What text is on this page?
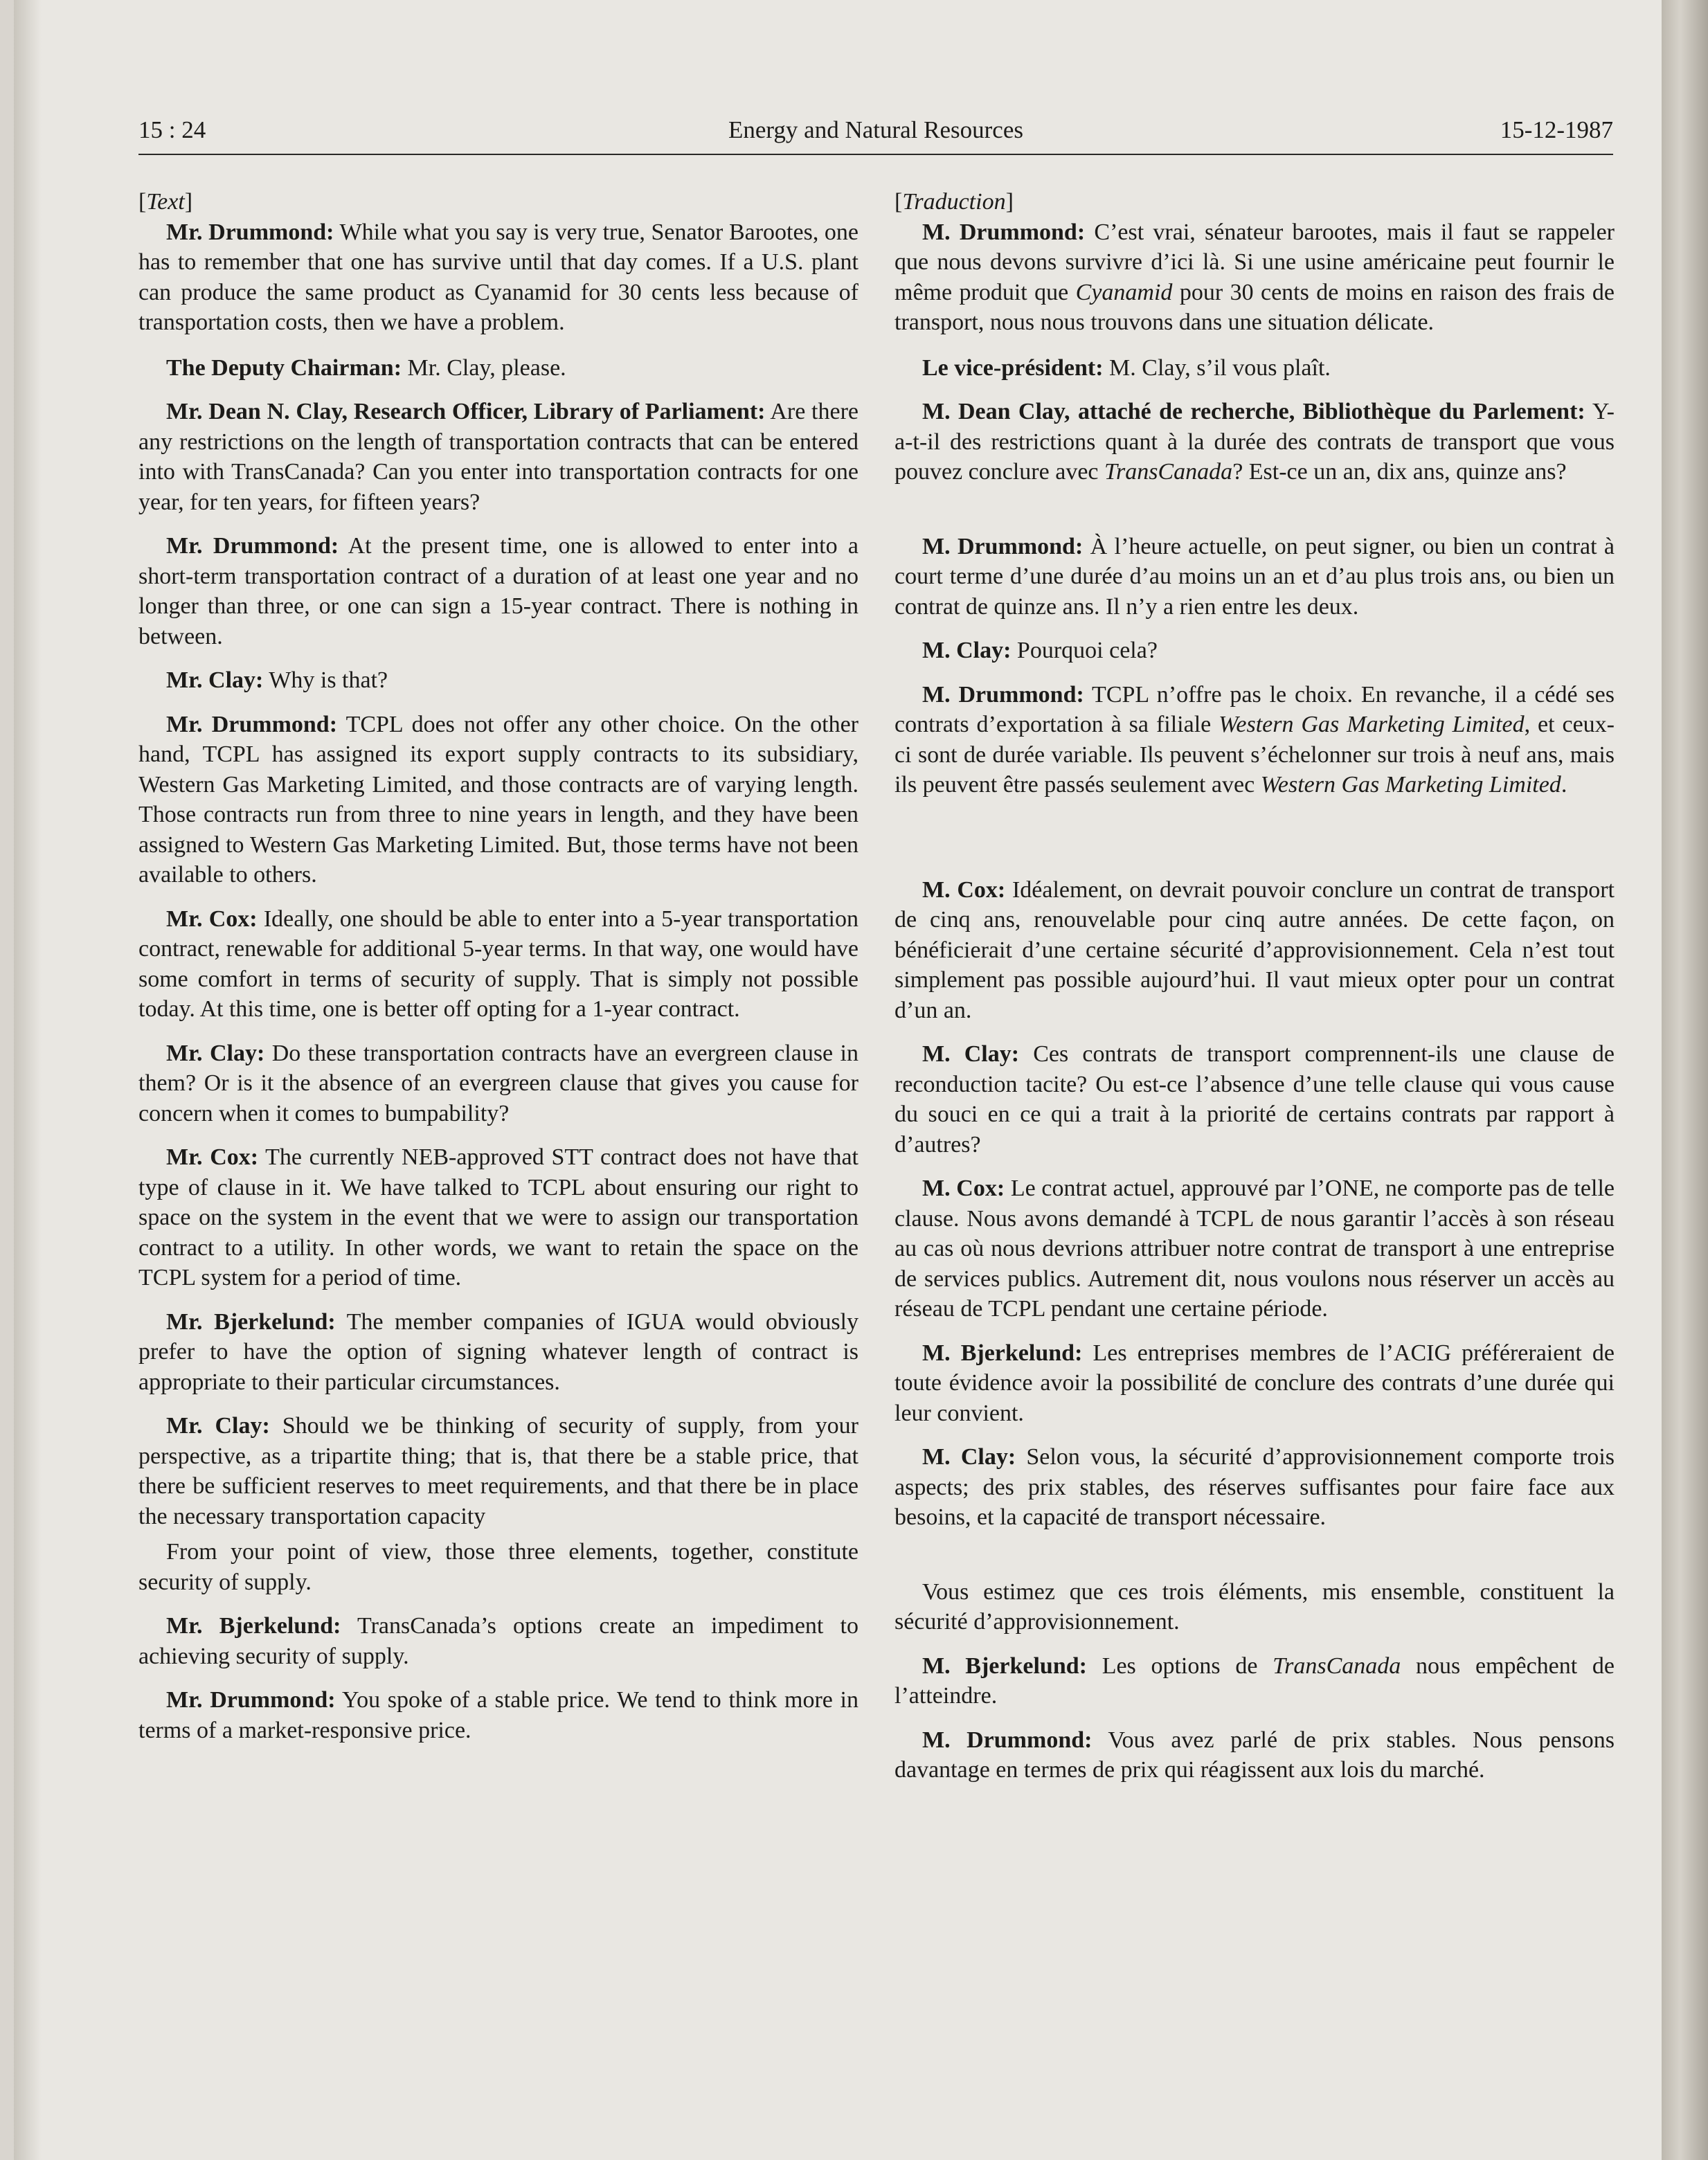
15 : 24	Energy and Natural Resources	15-12-1987

[Text]

Mr. Drummond: While what you say is very true, Senator Barootes, one has to remember that one has survive until that day comes. If a U.S. plant can produce the same product as Cyanamid for 30 cents less because of transportation costs, then we have a problem.

The Deputy Chairman: Mr. Clay, please.

Mr. Dean N. Clay, Research Officer, Library of Parliament: Are there any restrictions on the length of transportation contracts that can be entered into with TransCanada? Can you enter into transportation contracts for one year, for ten years, for fifteen years?

Mr. Drummond: At the present time, one is allowed to enter into a short-term transportation contract of a duration of at least one year and no longer than three, or one can sign a 15-year contract. There is nothing in between.

Mr. Clay: Why is that?

Mr. Drummond: TCPL does not offer any other choice. On the other hand, TCPL has assigned its export supply contracts to its subsidiary, Western Gas Marketing Limited, and those contracts are of varying length. Those contracts run from three to nine years in length, and they have been assigned to Western Gas Marketing Limited. But, those terms have not been available to others.

Mr. Cox: Ideally, one should be able to enter into a 5-year transportation contract, renewable for additional 5-year terms. In that way, one would have some comfort in terms of security of supply. That is simply not possible today. At this time, one is better off opting for a 1-year contract.

Mr. Clay: Do these transportation contracts have an evergreen clause in them? Or is it the absence of an evergreen clause that gives you cause for concern when it comes to bumpability?

Mr. Cox: The currently NEB-approved STT contract does not have that type of clause in it. We have talked to TCPL about ensuring our right to space on the system in the event that we were to assign our transportation contract to a utility. In other words, we want to retain the space on the TCPL system for a period of time.

Mr. Bjerkelund: The member companies of IGUA would obviously prefer to have the option of signing whatever length of contract is appropriate to their particular circumstances.

Mr. Clay: Should we be thinking of security of supply, from your perspective, as a tripartite thing; that is, that there be a stable price, that there be sufficient reserves to meet requirements, and that there be in place the necessary transportation capacity

From your point of view, those three elements, together, constitute security of supply.

Mr. Bjerkelund: TransCanada’s options create an impediment to achieving security of supply.

Mr. Drummond: You spoke of a stable price. We tend to think more in terms of a market-responsive price.

[Traduction]

M. Drummond: C’est vrai, sénateur barootes, mais il faut se rappeler que nous devons survivre d’ici là. Si une usine américaine peut fournir le même produit que Cyanamid pour 30 cents de moins en raison des frais de transport, nous nous trouvons dans une situation délicate.

Le vice-président: M. Clay, s’il vous plaît.

M. Dean Clay, attaché de recherche, Bibliothèque du Parlement: Y-a-t-il des restrictions quant à la durée des contrats de transport que vous pouvez conclure avec TransCanada? Est-ce un an, dix ans, quinze ans?

M. Drummond: À l’heure actuelle, on peut signer, ou bien un contrat à court terme d’une durée d’au moins un an et d’au plus trois ans, ou bien un contrat de quinze ans. Il n’y a rien entre les deux.

M. Clay: Pourquoi cela?

M. Drummond: TCPL n’offre pas le choix. En revanche, il a cédé ses contrats d’exportation à sa filiale Western Gas Marketing Limited, et ceux-ci sont de durée variable. Ils peuvent s’échelonner sur trois à neuf ans, mais ils peuvent être passés seulement avec Western Gas Marketing Limited.

M. Cox: Idéalement, on devrait pouvoir conclure un contrat de transport de cinq ans, renouvelable pour cinq autre années. De cette façon, on bénéficierait d’une certaine sécurité d’approvisionnement. Cela n’est tout simplement pas possible aujourd’hui. Il vaut mieux opter pour un contrat d’un an.

M. Clay: Ces contrats de transport comprennent-ils une clause de reconduction tacite? Ou est-ce l’absence d’une telle clause qui vous cause du souci en ce qui a trait à la priorité de certains contrats par rapport à d’autres?

M. Cox: Le contrat actuel, approuvé par l’ONE, ne comporte pas de telle clause. Nous avons demandé à TCPL de nous garantir l’accès à son réseau au cas où nous devrions attribuer notre contrat de transport à une entreprise de services publics. Autrement dit, nous voulons nous réserver un accès au réseau de TCPL pendant une certaine période.

M. Bjerkelund: Les entreprises membres de l’ACIG préféreraient de toute évidence avoir la possibilité de conclure des contrats d’une durée qui leur convient.

M. Clay: Selon vous, la sécurité d’approvisionnement comporte trois aspects; des prix stables, des réserves suffisantes pour faire face aux besoins, et la capacité de transport nécessaire.

Vous estimez que ces trois éléments, mis ensemble, constituent la sécurité d’approvisionnement.

M. Bjerkelund: Les options de TransCanada nous empêchent de l’atteindre.

M. Drummond: Vous avez parlé de prix stables. Nous pensons davantage en termes de prix qui réagissent aux lois du marché.
